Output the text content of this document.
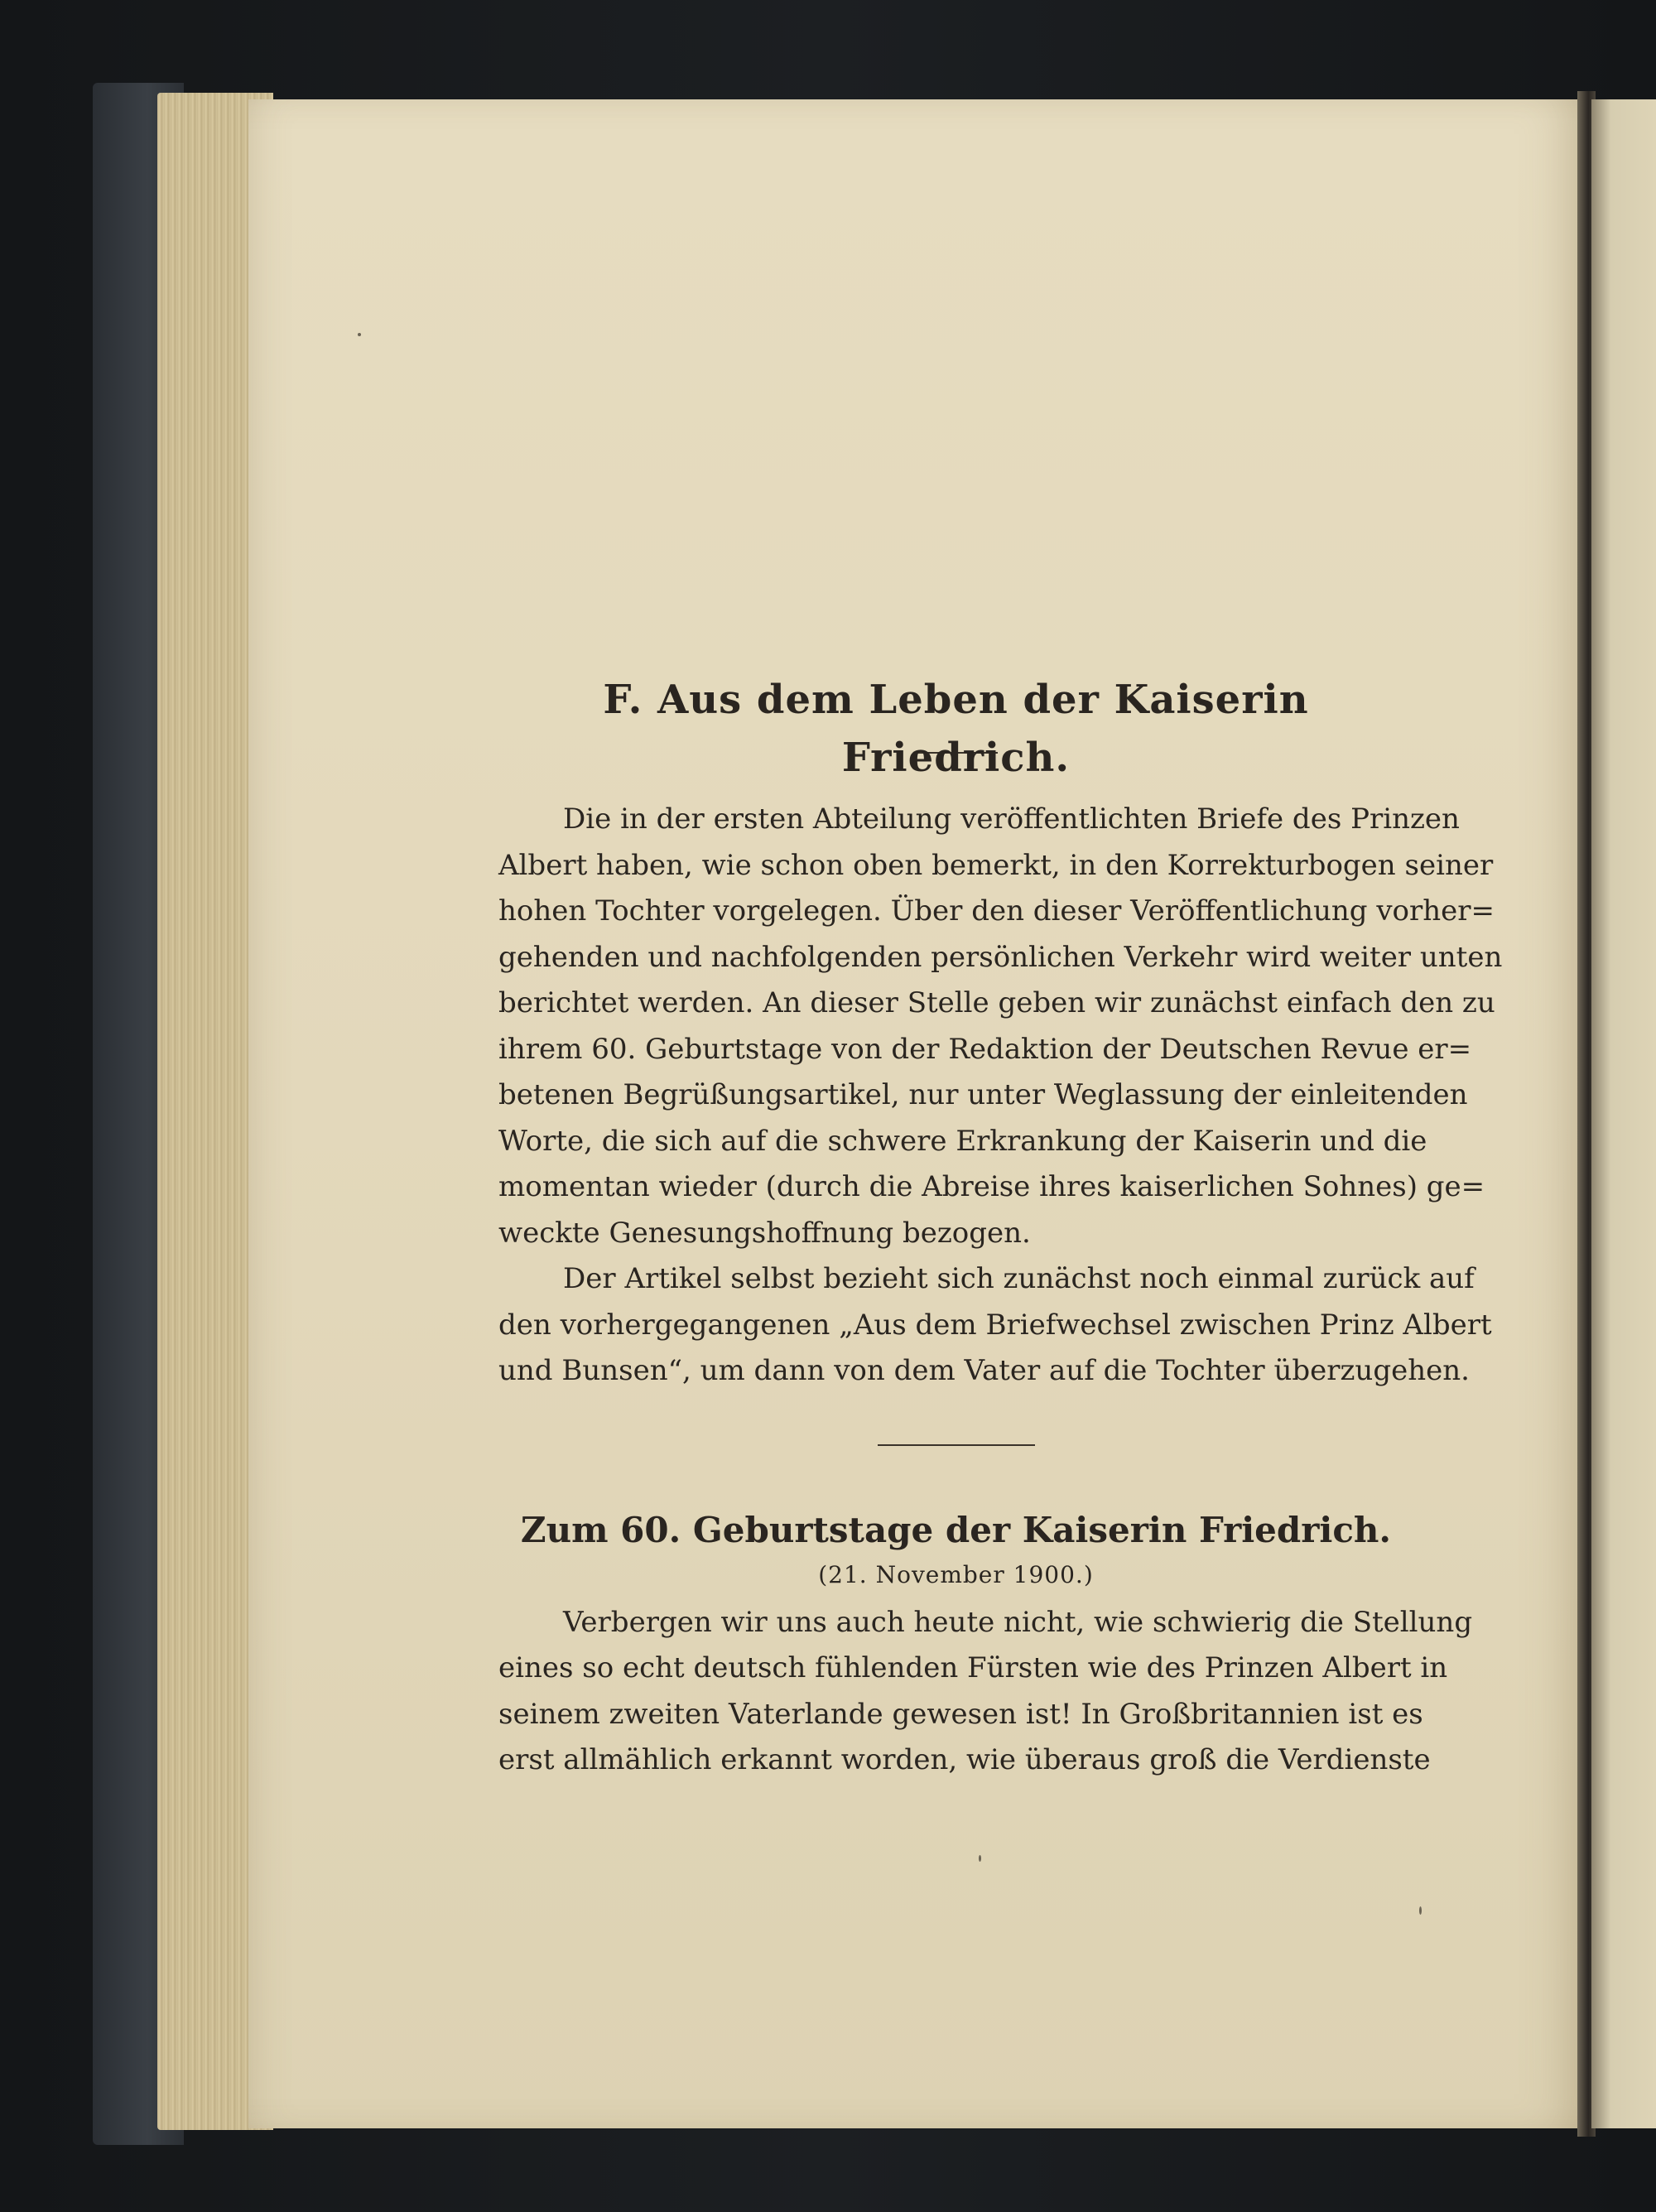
F. Aus dem Leben der Kaiserin Friedrich.
Die in der ersten Abteilung veröffentlichten Briefe des Prinzen
Albert haben, wie schon oben bemerkt, in den Korrekturbogen seiner
hohen Tochter vorgelegen. Über den dieser Veröffentlichung vorher=
gehenden und nachfolgenden persönlichen Verkehr wird weiter unten
berichtet werden. An dieser Stelle geben wir zunächst einfach den zu
ihrem 60. Geburtstage von der Redaktion der Deutschen Revue er=
betenen Begrüßungsartikel, nur unter Weglassung der einleitenden
Worte, die sich auf die schwere Erkrankung der Kaiserin und die
momentan wieder (durch die Abreise ihres kaiserlichen Sohnes) ge=
weckte Genesungshoffnung bezogen.
Der Artikel selbst bezieht sich zunächst noch einmal zurück auf
den vorhergegangenen „Aus dem Briefwechsel zwischen Prinz Albert
und Bunsen“, um dann von dem Vater auf die Tochter überzugehen.
Zum 60. Geburtstage der Kaiserin Friedrich.

(21. November 1900.)

Verbergen wir uns auch heute nicht, wie schwierig die Stellung
eines so echt deutsch fühlenden Fürsten wie des Prinzen Albert in
seinem zweiten Vaterlande gewesen ist! In Großbritannien ist es
erst allmählich erkannt worden, wie überaus groß die Verdienste
